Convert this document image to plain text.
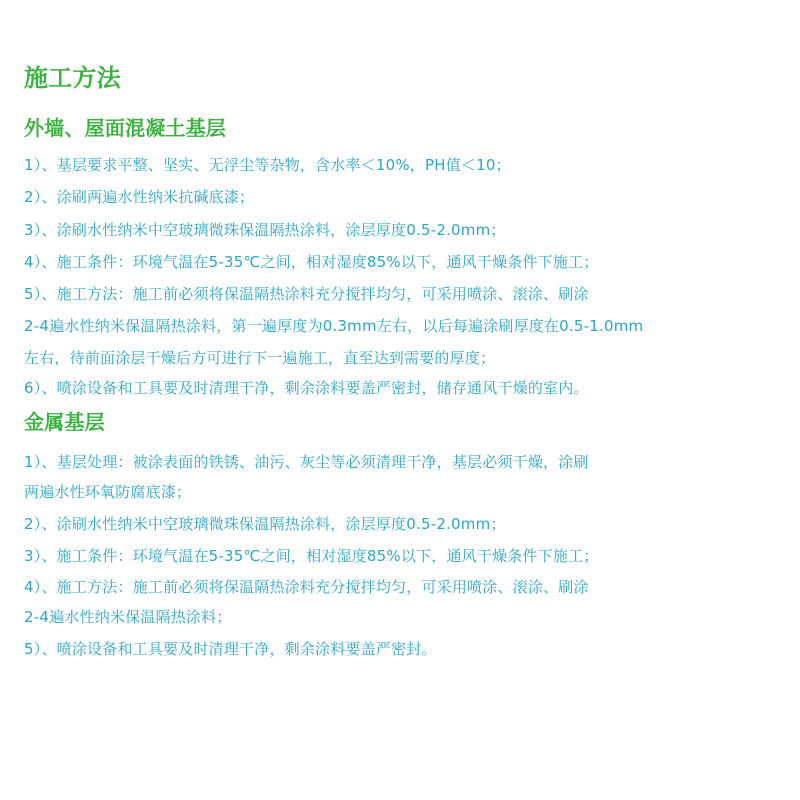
施工方法
外墙、屋面混凝土基层
1）、基层要求平整、坚实、无浮尘等杂物，含水率＜10%，PH值＜10；
2）、涂刷两遍水性纳米抗碱底漆；
3）、涂刷水性纳米中空玻璃微珠保温隔热涂料，涂层厚度0.5-2.0mm；
4）、施工条件：环境气温在5-35℃之间，相对湿度85%以下，通风干燥条件下施工；
5）、施工方法：施工前必须将保温隔热涂料充分搅拌均匀，可采用喷涂、滚涂、刷涂
2-4遍水性纳米保温隔热涂料，第一遍厚度为0.3mm左右，以后每遍涂刷厚度在0.5-1.0mm
左右，待前面涂层干燥后方可进行下一遍施工，直至达到需要的厚度；
6）、喷涂设备和工具要及时清理干净，剩余涂料要盖严密封，储存通风干燥的室内。
金属基层
1）、基层处理：被涂表面的铁锈、油污、灰尘等必须清理干净，基层必须干燥，涂刷
两遍水性环氧防腐底漆；
2）、涂刷水性纳米中空玻璃微珠保温隔热涂料，涂层厚度0.5-2.0mm；
3）、施工条件：环境气温在5-35℃之间，相对湿度85%以下，通风干燥条件下施工；
4）、施工方法：施工前必须将保温隔热涂料充分搅拌均匀，可采用喷涂、滚涂、刷涂
2-4遍水性纳米保温隔热涂料；
5）、喷涂设备和工具要及时清理干净，剩余涂料要盖严密封。
